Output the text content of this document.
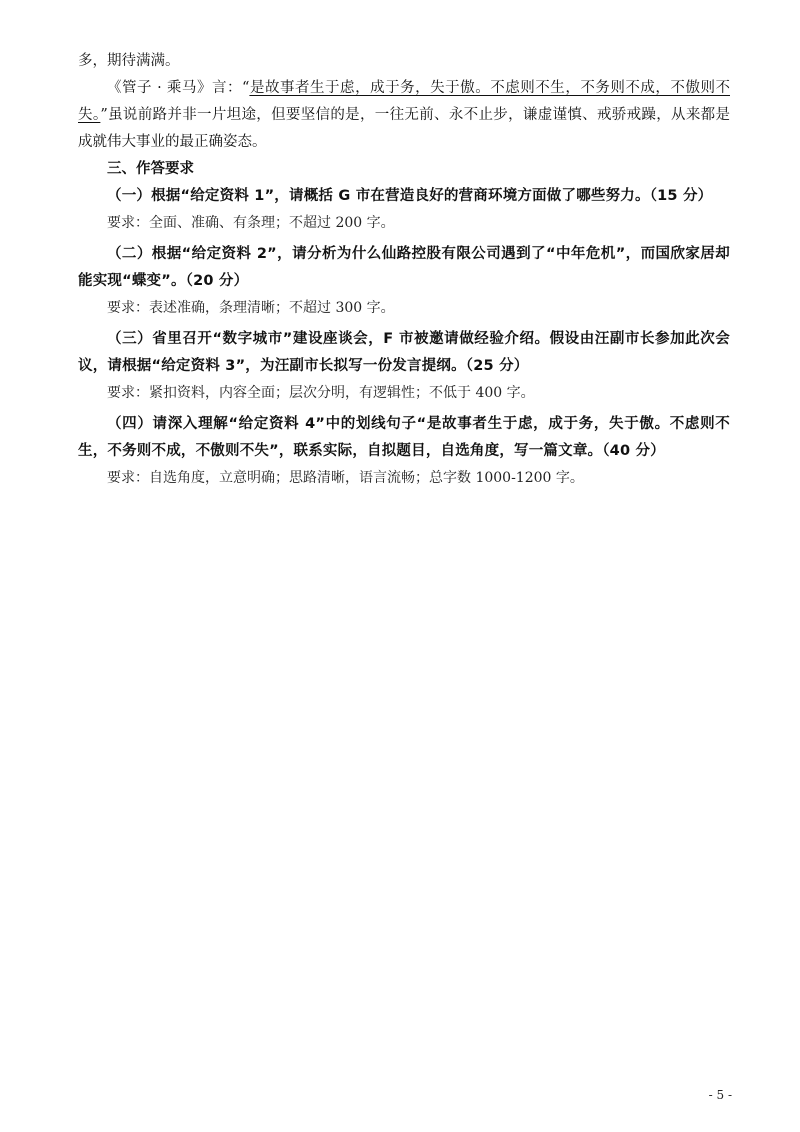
多，期待满满。

《管子 · 乘马》言：“是故事者生于虑，成于务，失于傲。不虑则不生，不务则不成，不傲则不失。”虽说前路并非一片坦途，但要坚信的是，一往无前、永不止步，谦虚谨慎、戒骄戒躁，从来都是成就伟大事业的最正确姿态。

三、作答要求

（一）根据“给定资料 1”，请概括 G 市在营造良好的营商环境方面做了哪些努力。（15 分）

要求：全面、准确、有条理；不超过 200 字。

（二）根据“给定资料 2”，请分析为什么仙路控股有限公司遇到了“中年危机”，而国欣家居却能实现“蝶变”。（20 分）

要求：表述准确，条理清晰；不超过 300 字。

（三）省里召开“数字城市”建设座谈会，F 市被邀请做经验介绍。假设由汪副市长参加此次会议，请根据“给定资料 3”，为汪副市长拟写一份发言提纲。（25 分）

要求：紧扣资料，内容全面；层次分明，有逻辑性；不低于 400 字。

（四）请深入理解“给定资料 4”中的划线句子“是故事者生于虑，成于务，失于傲。不虑则不生，不务则不成，不傲则不失”，联系实际，自拟题目，自选角度，写一篇文章。（40 分）

要求：自选角度，立意明确；思路清晰，语言流畅；总字数 1000-1200 字。

- 5 -
